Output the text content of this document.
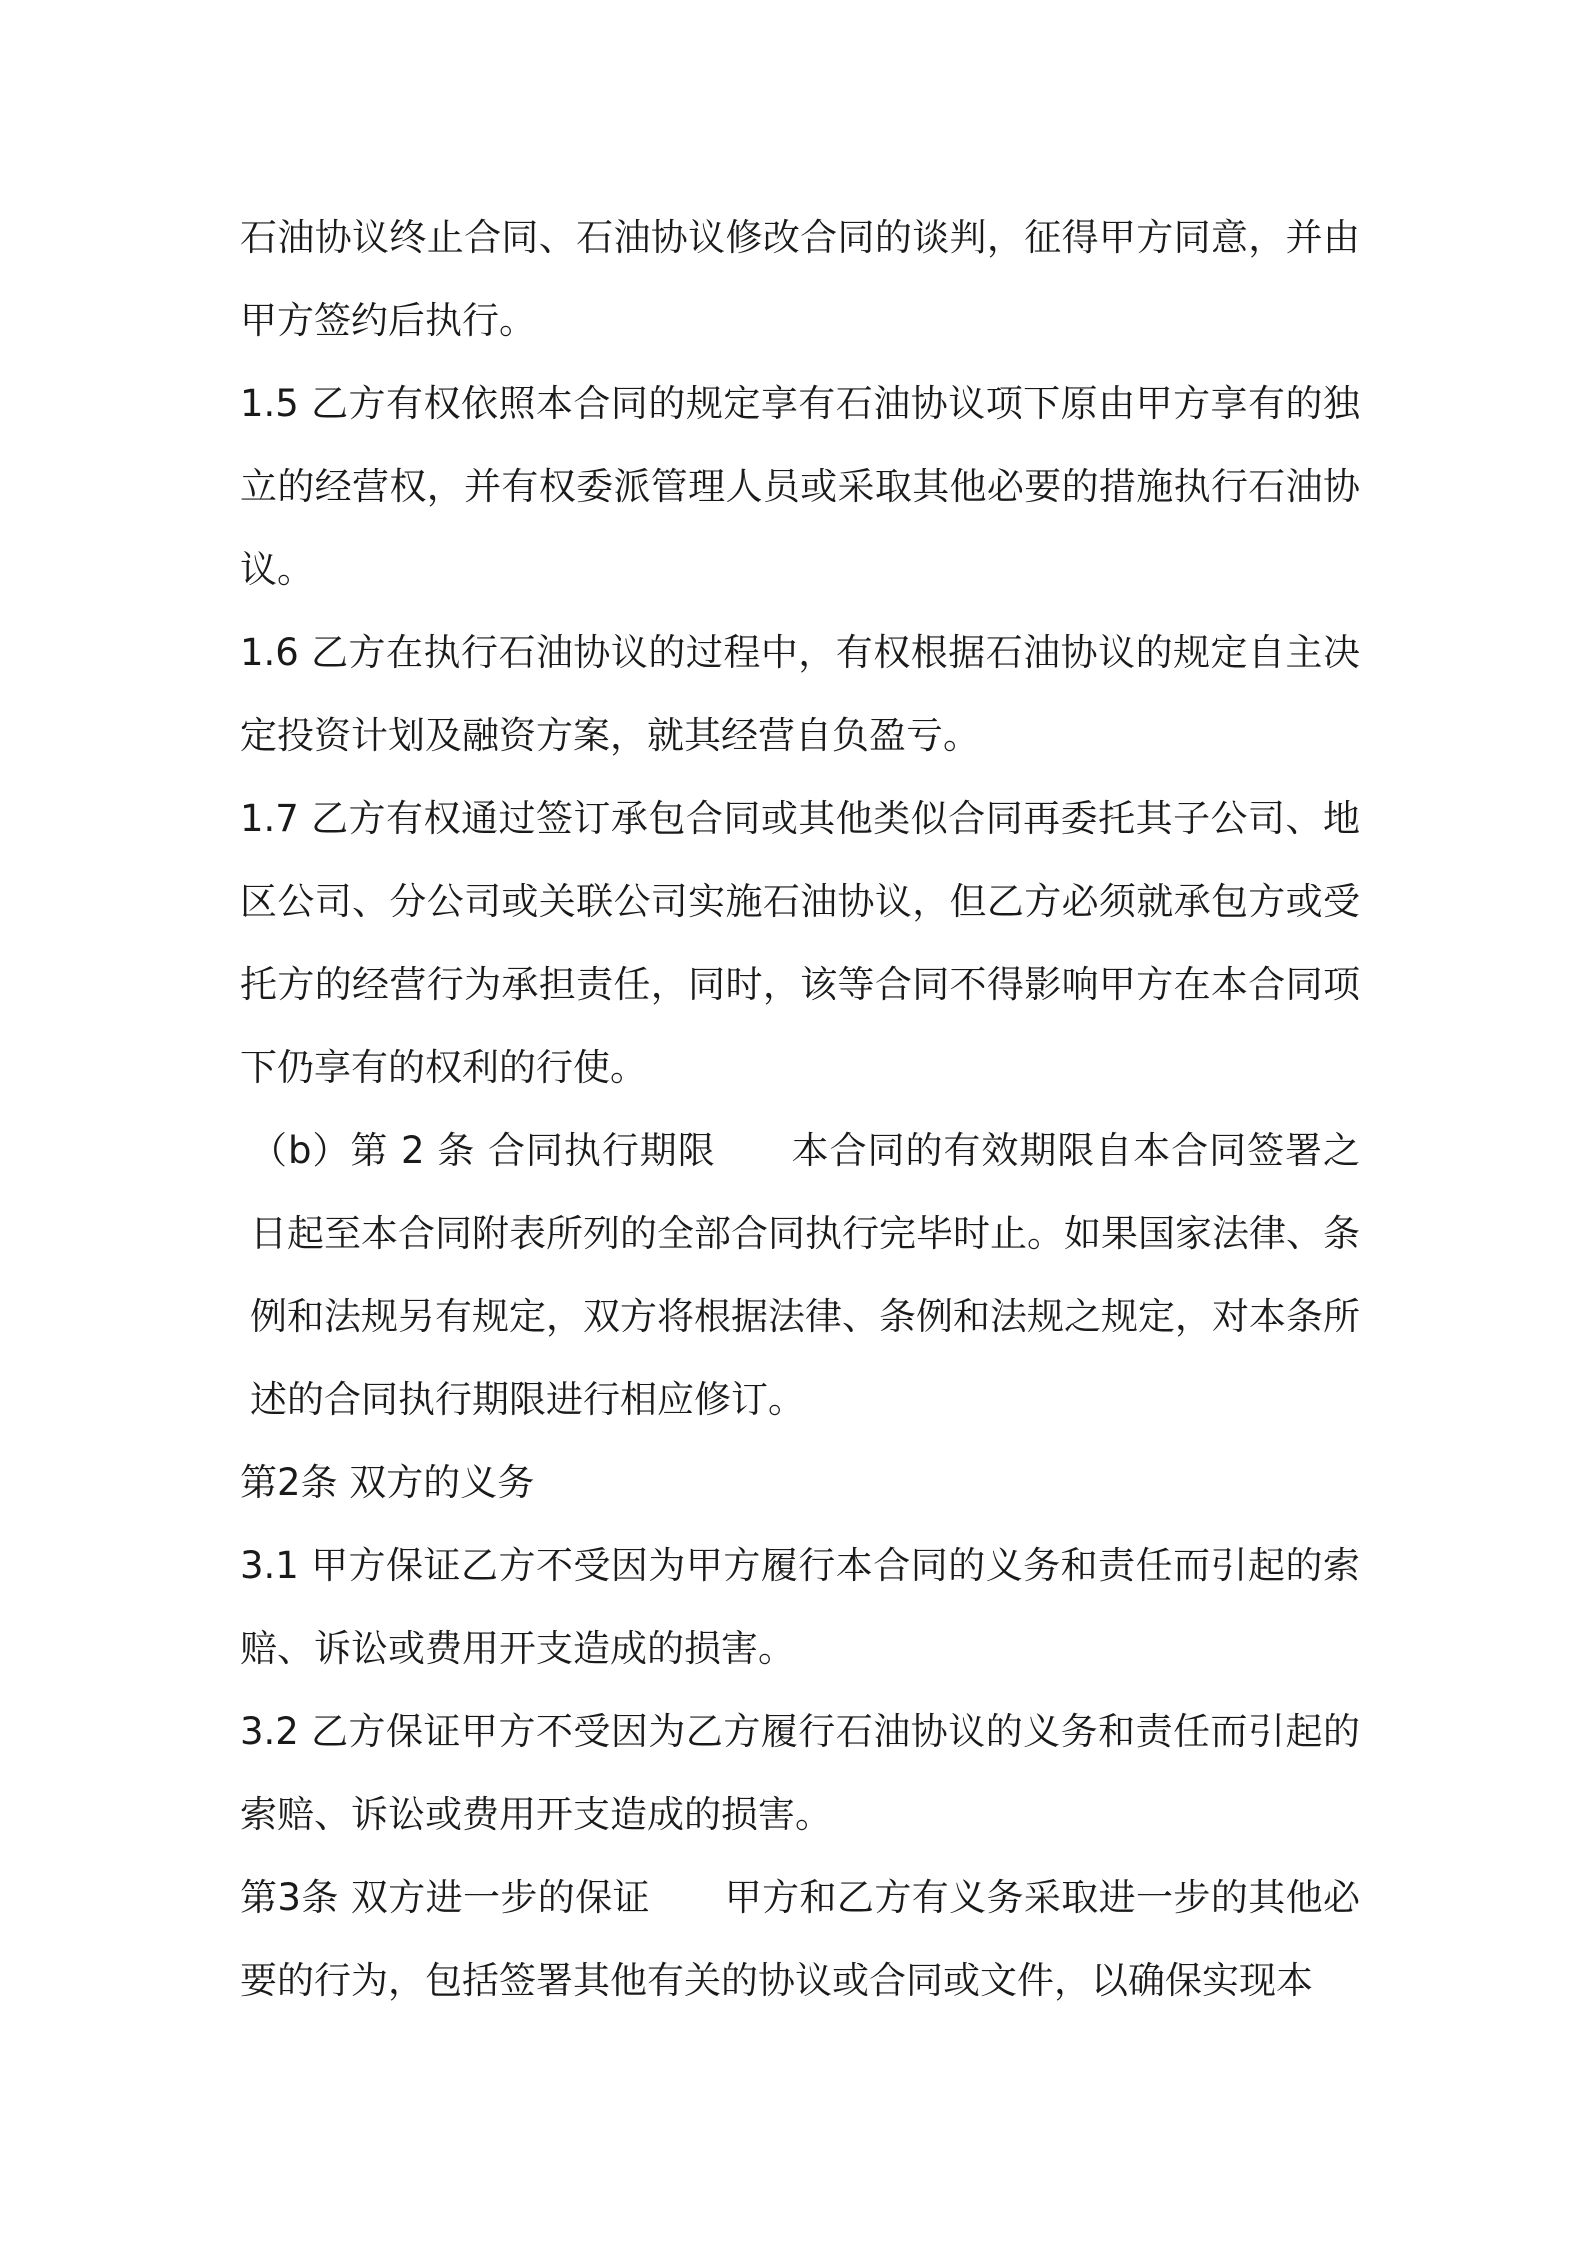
石油协议终止合同、石油协议修改合同的谈判，征得甲方同意，并由甲方签约后执行。

1.5 乙方有权依照本合同的规定享有石油协议项下原由甲方享有的独立的经营权，并有权委派管理人员或采取其他必要的措施执行石油协议。

1.6 乙方在执行石油协议的过程中，有权根据石油协议的规定自主决定投资计划及融资方案，就其经营自负盈亏。

1.7 乙方有权通过签订承包合同或其他类似合同再委托其子公司、地区公司、分公司或关联公司实施石油协议，但乙方必须就承包方或受托方的经营行为承担责任，同时，该等合同不得影响甲方在本合同项下仍享有的权利的行使。

（b）第 2 条 合同执行期限　　本合同的有效期限自本合同签署之日起至本合同附表所列的全部合同执行完毕时止。如果国家法律、条例和法规另有规定，双方将根据法律、条例和法规之规定，对本条所述的合同执行期限进行相应修订。

第2条 双方的义务

3.1 甲方保证乙方不受因为甲方履行本合同的义务和责任而引起的索赔、诉讼或费用开支造成的损害。

3.2 乙方保证甲方不受因为乙方履行石油协议的义务和责任而引起的索赔、诉讼或费用开支造成的损害。

第3条 双方进一步的保证　　甲方和乙方有义务采取进一步的其他必要的行为，包括签署其他有关的协议或合同或文件，以确保实现本
